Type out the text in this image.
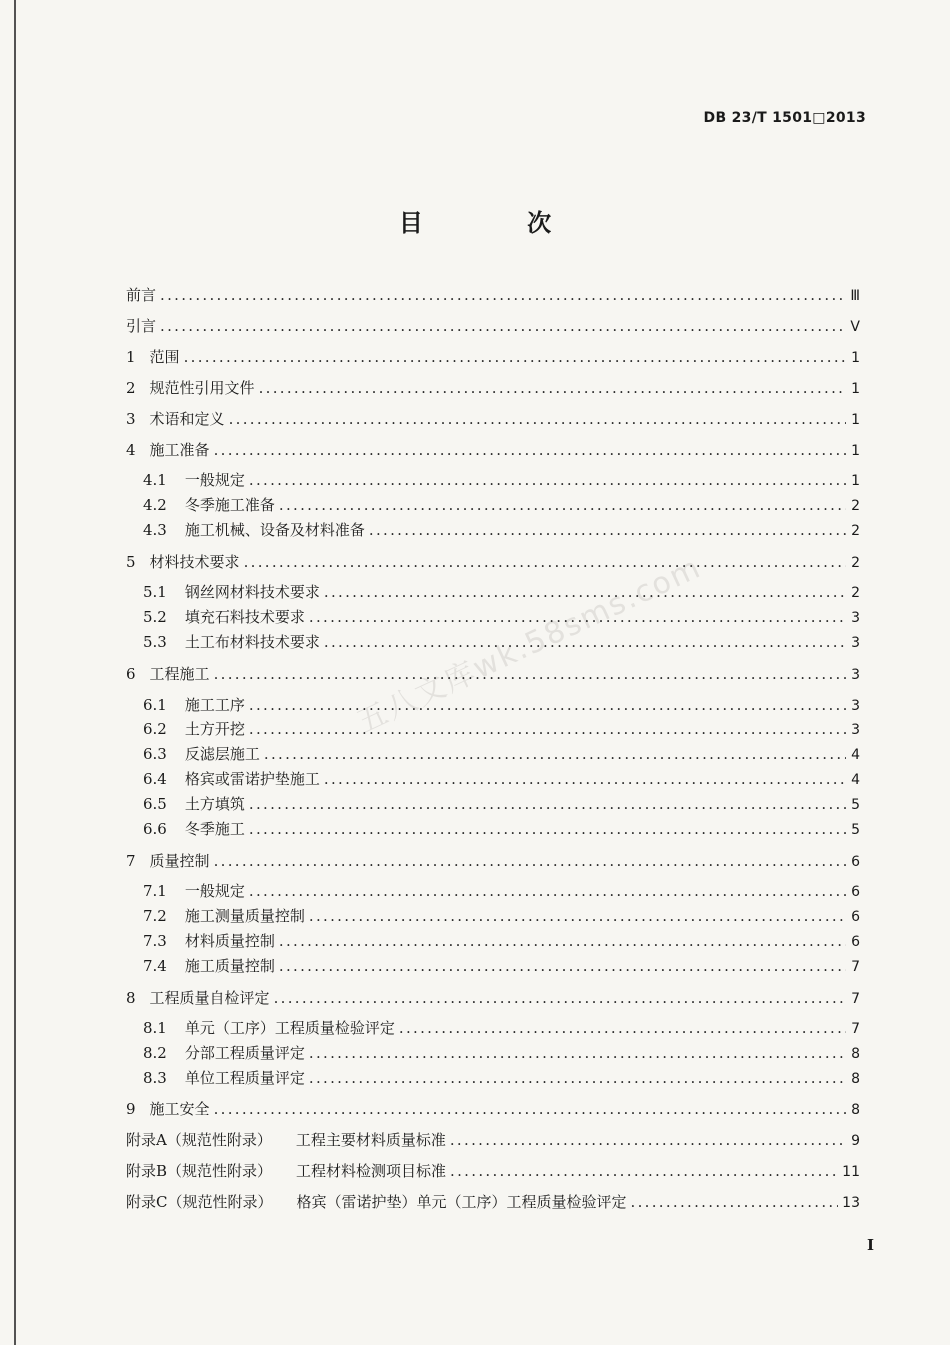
五八文库wk.58sms.com
DB 23/T 1501□2013
目 次
前言 .....	Ⅲ
引言 .....	Ⅴ
1 范围 .....	1
2 规范性引用文件 .....	1
3 术语和定义 .....	1
4 施工准备 .....	1
4.1 一般规定 .....	1
4.2 冬季施工准备 .....	2
4.3 施工机械、设备及材料准备 .....	2
5 材料技术要求 .....	2
5.1 钢丝网材料技术要求 .....	2
5.2 填充石料技术要求 .....	3
5.3 土工布材料技术要求 .....	3
6 工程施工 .....	3
6.1 施工工序 .....	3
6.2 土方开挖 .....	3
6.3 反滤层施工 .....	4
6.4 格宾或雷诺护垫施工 .....	4
6.5 土方填筑 .....	5
6.6 冬季施工 .....	5
7 质量控制 .....	6
7.1 一般规定 .....	6
7.2 施工测量质量控制 .....	6
7.3 材料质量控制 .....	6
7.4 施工质量控制 .....	7
8 工程质量自检评定 .....	7
8.1 单元（工序）工程质量检验评定 .....	7
8.2 分部工程质量评定 .....	8
8.3 单位工程质量评定 .....	8
9 施工安全 .....	8
附录A（规范性附录） 工程主要材料质量标准 .....	9
附录B（规范性附录） 工程材料检测项目标准 .....	11
附录C（规范性附录） 格宾（雷诺护垫）单元（工序）工程质量检验评定 .....	13
I
